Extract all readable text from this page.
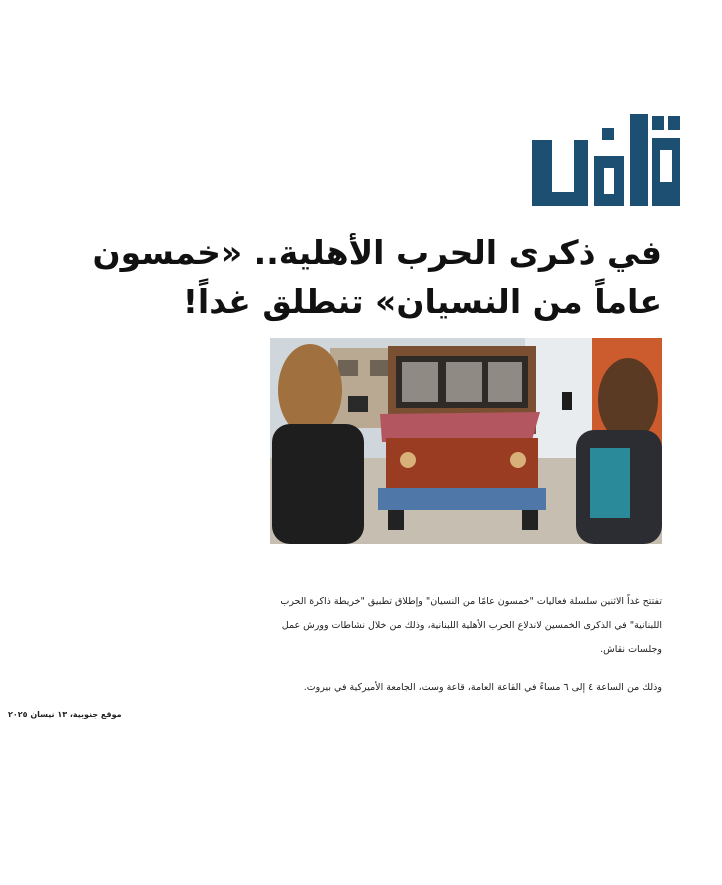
في ذكرى الحرب الأهلية.. «خمسون عاماً من النسيان» تنطلق غداً!

تفتتح غداً الاثنين سلسلة فعاليات "خمسون عامًا من النسيان" وإطلاق تطبيق "خريطة ذاكرة الحرب اللبنانية" في الذكرى الخمسين لاندلاع الحرب الأهلية اللبنانية، وذلك من خلال نشاطات وورش عمل وجلسات نقاش.

وذلك من الساعة ٤ إلى ٦ مساءً في القاعة العامة، قاعة وست، الجامعة الأميركية في بيروت.

موقع جنوبية، ١٣ نيسان ٢٠٢٥
